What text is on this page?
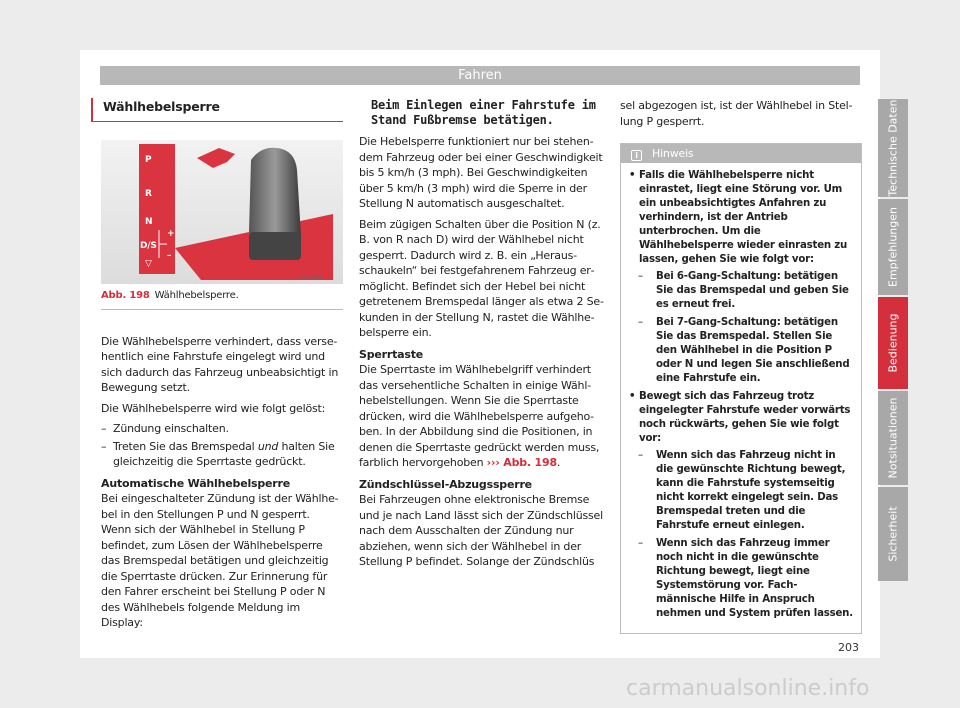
Fahren
Wählhebelsperre
P
R
N
D/S
▽
+
–
B5T-0010
Abb. 198 Wählhebelsperre.

Die Wählhebelsperre verhindert, dass versehentlich eine Fahrstufe eingelegt wird und sich dadurch das Fahrzeug unbeabsichtigt in Bewegung setzt.

Die Wählhebelsperre wird wie folgt gelöst:

– Zündung einschalten.
– Treten Sie das Bremspedal und halten Sie gleichzeitig die Sperrtaste gedrückt.
Automatische Wählhebelsperre

Bei eingeschalteter Zündung ist der Wählhebel in den Stellungen P und N gesperrt. Wenn sich der Wählhebel in Stellung P befindet, zum Lösen der Wählhebelsperre das Bremspedal betätigen und gleichzeitig die Sperrtaste drücken. Zur Erinnerung für den Fahrer erscheint bei Stellung P oder N des Wählhebels folgende Meldung im Display:

Beim Einlegen einer Fahrstufe im Stand Fußbremse betätigen.

Die Hebelsperre funktioniert nur bei stehendem Fahrzeug oder bei einer Geschwindigkeit bis 5 km/h (3 mph). Bei Geschwindigkeiten über 5 km/h (3 mph) wird die Sperre in der Stellung N automatisch ausgeschaltet.

Beim zügigen Schalten über die Position N (z. B. von R nach D) wird der Wählhebel nicht gesperrt. Dadurch wird z. B. ein „Herausschaukeln“ bei festgefahrenem Fahrzeug ermöglicht. Befindet sich der Hebel bei nicht getretenem Bremspedal länger als etwa 2 Sekunden in der Stellung N, rastet die Wählhebelsperre ein.

Sperrtaste

Die Sperrtaste im Wählhebelgriff verhindert das versehentliche Schalten in einige Wählhebelstellungen. Wenn Sie die Sperrtaste drücken, wird die Wählhebelsperre aufgehoben. In der Abbildung sind die Positionen, in denen die Sperrtaste gedrückt werden muss, farblich hervorgehoben ››› Abb. 198.

Zündschlüssel-Abzugssperre

Bei Fahrzeugen ohne elektronische Bremse und je nach Land lässt sich der Zündschlüssel nach dem Ausschalten der Zündung nur abziehen, wenn sich der Wählhebel in der Stellung P befindet. Solange der Zündschlüs

sel abgezogen ist, ist der Wählhebel in Stellung P gesperrt.

i Hinweis
• Falls die Wählhebelsperre nicht einrastet, liegt eine Störung vor. Um ein unbeabsichtigtes Anfahren zu verhindern, ist der Antrieb unterbrochen. Um die Wählhebelsperre wieder einrasten zu lassen, gehen Sie wie folgt vor:
– Bei 6-Gang-Schaltung: betätigen Sie das Bremspedal und geben Sie es erneut frei.
– Bei 7-Gang-Schaltung: betätigen Sie das Bremspedal. Stellen Sie den Wählhebel in die Position P oder N und legen Sie anschließend eine Fahrstufe ein.
• Bewegt sich das Fahrzeug trotz eingelegter Fahrstufe weder vorwärts noch rückwärts, gehen Sie wie folgt vor:
– Wenn sich das Fahrzeug nicht in die gewünschte Richtung bewegt, kann die Fahrstufe systemseitig nicht korrekt eingelegt sein. Das Bremspedal treten und die Fahrstufe erneut einlegen.
– Wenn sich das Fahrzeug immer noch nicht in die gewünschte Richtung bewegt, liegt eine Systemstörung vor. Fachmännische Hilfe in Anspruch nehmen und System prüfen lassen.
Technische Daten
Empfehlungen
Bedienung
Notsituationen
Sicherheit
203
carmanualsonline.info
